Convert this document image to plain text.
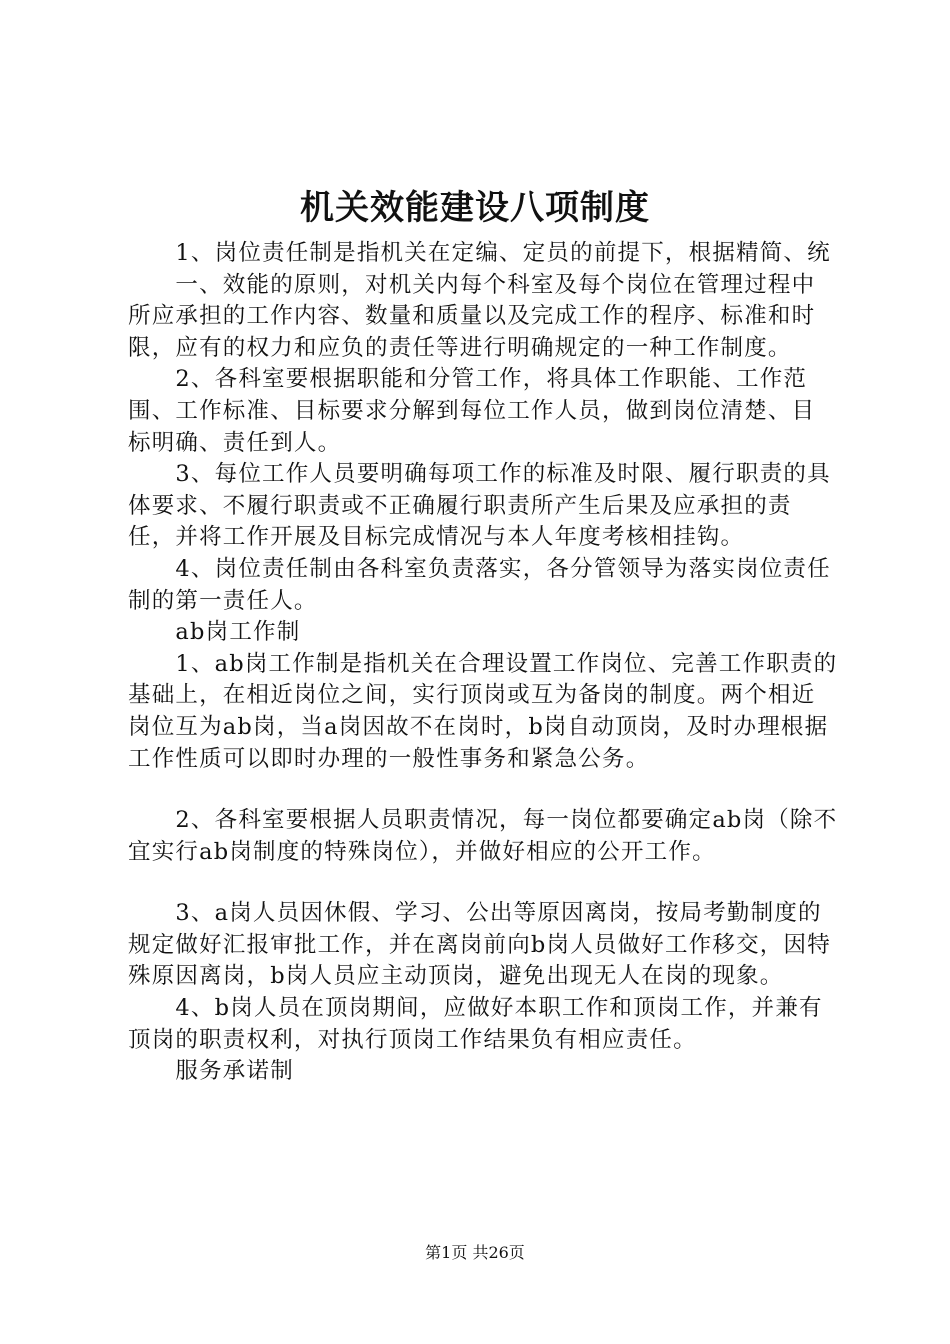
机关效能建设八项制度

　　1、岗位责任制是指机关在定编、定员的前提下，根据精简、统

　　一、效能的原则，对机关内每个科室及每个岗位在管理过程中所应承担的工作内容、数量和质量以及完成工作的程序、标准和时限，应有的权力和应负的责任等进行明确规定的一种工作制度。

　　2、各科室要根据职能和分管工作，将具体工作职能、工作范围、工作标准、目标要求分解到每位工作人员，做到岗位清楚、目标明确、责任到人。

　　3、每位工作人员要明确每项工作的标准及时限、履行职责的具体要求、不履行职责或不正确履行职责所产生后果及应承担的责任，并将工作开展及目标完成情况与本人年度考核相挂钩。

　　4、岗位责任制由各科室负责落实，各分管领导为落实岗位责任制的第一责任人。

　　ab岗工作制

　　1、ab岗工作制是指机关在合理设置工作岗位、完善工作职责的基础上，在相近岗位之间，实行顶岗或互为备岗的制度。两个相近岗位互为ab岗，当a岗因故不在岗时，b岗自动顶岗，及时办理根据工作性质可以即时办理的一般性事务和紧急公务。

　　2、各科室要根据人员职责情况，每一岗位都要确定ab岗（除不宜实行ab岗制度的特殊岗位），并做好相应的公开工作。

　　3、a岗人员因休假、学习、公出等原因离岗，按局考勤制度的规定做好汇报审批工作，并在离岗前向b岗人员做好工作移交，因特殊原因离岗，b岗人员应主动顶岗，避免出现无人在岗的现象。

　　4、b岗人员在顶岗期间，应做好本职工作和顶岗工作，并兼有顶岗的职责权利，对执行顶岗工作结果负有相应责任。

　　服务承诺制

第1页 共26页
